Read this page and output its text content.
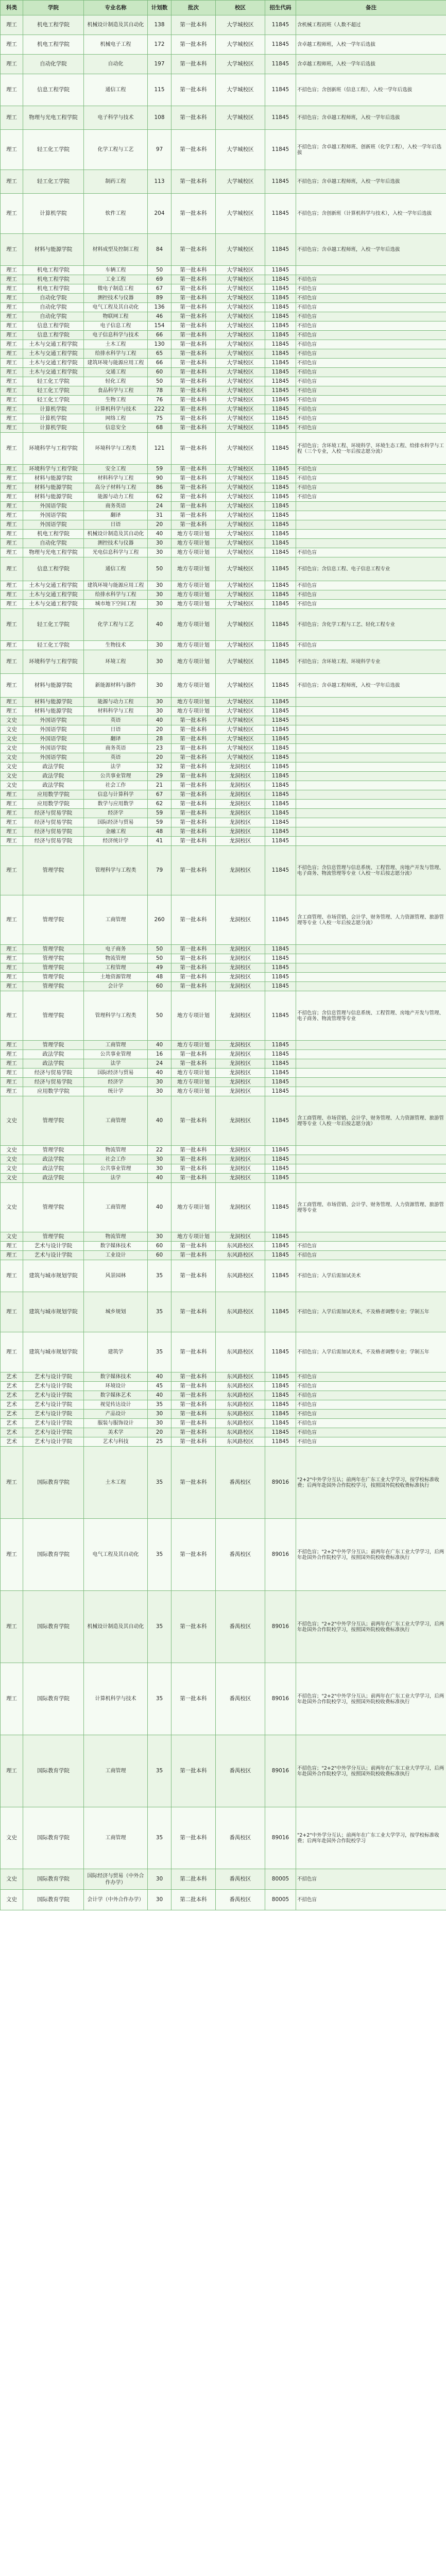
科类	学院	专业名称	计划数	批次	校区	招生代码	备注
理工	机电工程学院	机械设计制造及其自动化	138	第一批本科	大学城校区	11845	含机械工程初班（人数不超过
理工	机电工程学院	机械电子工程	172	第一批本科	大学城校区	11845	含卓越工程师班，入校一学年后选拔
理工	自动化学院	自动化	197	第一批本科	大学城校区	11845	含卓越工程师班，入校一学年后选拔
理工	信息工程学院	通信工程	115	第一批本科	大学城校区	11845	不招色盲；含创新班（信息工程），入校一学年后选拔
理工	物理与光电工程学院	电子科学与技术	108	第一批本科	大学城校区	11845	不招色盲；含卓越工程师班，入校一学年后选拔
理工	轻工化工学院	化学工程与工艺	97	第一批本科	大学城校区	11845	不招色盲；含卓越工程师班、创新班（化学工程），入校一学年后选拔
理工	轻工化工学院	制药工程	113	第一批本科	大学城校区	11845	不招色盲；含卓越工程师班，入校一学年后选拔
理工	计算机学院	软件工程	204	第一批本科	大学城校区	11845	不招色盲；含创新班（计算机科学与技术），入校一学年后选拔
理工	材料与能源学院	材料成型及控制工程	84	第一批本科	大学城校区	11845	不招色盲；含卓越工程师班，入校一学年后选拔
理工	机电工程学院	车辆工程	50	第一批本科	大学城校区	11845	
理工	机电工程学院	工业工程	69	第一批本科	大学城校区	11845	不招色盲
理工	机电工程学院	微电子制造工程	67	第一批本科	大学城校区	11845	不招色盲
理工	自动化学院	测控技术与仪器	89	第一批本科	大学城校区	11845	不招色盲
理工	自动化学院	电气工程及其自动化	136	第一批本科	大学城校区	11845	不招色盲
理工	自动化学院	物联网工程	46	第一批本科	大学城校区	11845	不招色盲
理工	信息工程学院	电子信息工程	154	第一批本科	大学城校区	11845	不招色盲
理工	信息工程学院	电子信息科学与技术	66	第一批本科	大学城校区	11845	不招色盲
理工	土木与交通工程学院	土木工程	130	第一批本科	大学城校区	11845	不招色盲
理工	土木与交通工程学院	给排水科学与工程	65	第一批本科	大学城校区	11845	不招色盲
理工	土木与交通工程学院	建筑环境与能源应用工程	66	第一批本科	大学城校区	11845	不招色盲
理工	土木与交通工程学院	交通工程	60	第一批本科	大学城校区	11845	不招色盲
理工	轻工化工学院	轻化工程	50	第一批本科	大学城校区	11845	不招色盲
理工	轻工化工学院	食品科学与工程	78	第一批本科	大学城校区	11845	不招色盲
理工	轻工化工学院	生物工程	76	第一批本科	大学城校区	11845	不招色盲
理工	计算机学院	计算机科学与技术	222	第一批本科	大学城校区	11845	不招色盲
理工	计算机学院	网络工程	75	第一批本科	大学城校区	11845	不招色盲
理工	计算机学院	信息安全	68	第一批本科	大学城校区	11845	不招色盲
理工	环境科学与工程学院	环境科学与工程类	121	第一批本科	大学城校区	11845	不招色盲；含环境工程、环境科学、环境生态工程、给排水科学与工程（三个专业，入校一年后按志愿分流）
理工	环境科学与工程学院	安全工程	59	第一批本科	大学城校区	11845	不招色盲
理工	材料与能源学院	材料科学与工程	90	第一批本科	大学城校区	11845	不招色盲
理工	材料与能源学院	高分子材料与工程	86	第一批本科	大学城校区	11845	不招色盲
理工	材料与能源学院	能源与动力工程	62	第一批本科	大学城校区	11845	不招色盲
理工	外国语学院	商务英语	24	第一批本科	大学城校区	11845	
理工	外国语学院	翻译	31	第一批本科	大学城校区	11845	
理工	外国语学院	日语	20	第一批本科	大学城校区	11845	
理工	机电工程学院	机械设计制造及其自动化	40	地方专项计划	大学城校区	11845	
理工	自动化学院	测控技术与仪器	30	地方专项计划	大学城校区	11845	
理工	物理与光电工程学院	光电信息科学与工程	30	地方专项计划	大学城校区	11845	不招色盲
理工	信息工程学院	通信工程	50	地方专项计划	大学城校区	11845	不招色盲；含信息工程、电子信息工程专业
理工	土木与交通工程学院	建筑环境与能源应用工程	30	地方专项计划	大学城校区	11845	不招色盲
理工	土木与交通工程学院	给排水科学与工程	30	地方专项计划	大学城校区	11845	不招色盲
理工	土木与交通工程学院	城市地下空间工程	30	地方专项计划	大学城校区	11845	不招色盲
理工	轻工化工学院	化学工程与工艺	40	地方专项计划	大学城校区	11845	不招色盲；含化学工程与工艺、轻化工程专业
理工	轻工化工学院	生物技术	30	地方专项计划	大学城校区	11845	不招色盲
理工	环境科学与工程学院	环境工程	30	地方专项计划	大学城校区	11845	不招色盲；含环境工程、环境科学专业
理工	材料与能源学院	新能源材料与器件	30	地方专项计划	大学城校区	11845	不招色盲；含卓越工程师班，入校一学年后选拔
理工	材料与能源学院	能源与动力工程	30	地方专项计划	大学城校区	11845	
理工	材料与能源学院	材料科学与工程	30	地方专项计划	大学城校区	11845	
文史	外国语学院	英语	40	第一批本科	大学城校区	11845	
文史	外国语学院	日语	20	第一批本科	大学城校区	11845	
文史	外国语学院	翻译	28	第一批本科	大学城校区	11845	
文史	外国语学院	商务英语	23	第一批本科	大学城校区	11845	
文史	外国语学院	英语	20	第一批本科	大学城校区	11845	
文史	政法学院	法学	32	第一批本科	龙洞校区	11845	
文史	政法学院	公共事业管理	29	第一批本科	龙洞校区	11845	
文史	政法学院	社会工作	21	第一批本科	龙洞校区	11845	
理工	应用数学学院	信息与计算科学	67	第一批本科	龙洞校区	11845	
理工	应用数学学院	数学与应用数学	62	第一批本科	龙洞校区	11845	
理工	经济与贸易学院	经济学	59	第一批本科	龙洞校区	11845	
理工	经济与贸易学院	国际经济与贸易	59	第一批本科	龙洞校区	11845	
理工	经济与贸易学院	金融工程	48	第一批本科	龙洞校区	11845	
理工	经济与贸易学院	经济统计学	41	第一批本科	龙洞校区	11845	
理工	管理学院	管理科学与工程类	79	第一批本科	龙洞校区	11845	不招色盲；含信息管理与信息系统、工程管理、房地产开发与管理、电子商务、物流管理等专业（入校一年后按志愿分流）
理工	管理学院	工商管理	260	第一批本科	龙洞校区	11845	含工商管理、市场营销、会计学、财务管理、人力资源管理、旅游管理等专业（入校一年后按志愿分流）
理工	管理学院	电子商务	50	第一批本科	龙洞校区	11845	
理工	管理学院	物流管理	50	第一批本科	龙洞校区	11845	
理工	管理学院	工程管理	49	第一批本科	龙洞校区	11845	
理工	管理学院	土地资源管理	48	第一批本科	龙洞校区	11845	
理工	管理学院	会计学	60	第一批本科	龙洞校区	11845	
理工	管理学院	管理科学与工程类	50	地方专项计划	龙洞校区	11845	不招色盲；含信息管理与信息系统、工程管理、房地产开发与管理、电子商务、物流管理等专业
理工	管理学院	工商管理	40	地方专项计划	龙洞校区	11845	
理工	政法学院	公共事业管理	16	第一批本科	龙洞校区	11845	
理工	政法学院	法学	24	第一批本科	龙洞校区	11845	
理工	经济与贸易学院	国际经济与贸易	40	地方专项计划	龙洞校区	11845	
理工	经济与贸易学院	经济学	30	地方专项计划	龙洞校区	11845	
理工	应用数学学院	统计学	30	地方专项计划	龙洞校区	11845	
文史	管理学院	工商管理	40	第一批本科	龙洞校区	11845	含工商管理、市场营销、会计学、财务管理、人力资源管理、旅游管理等专业（入校一年后按志愿分流）
文史	管理学院	物流管理	22	第一批本科	龙洞校区	11845	
文史	政法学院	社会工作	30	第一批本科	龙洞校区	11845	
文史	政法学院	公共事业管理	30	第一批本科	龙洞校区	11845	
文史	政法学院	法学	40	第一批本科	龙洞校区	11845	
文史	管理学院	工商管理	40	地方专项计划	龙洞校区	11845	含工商管理、市场营销、会计学、财务管理、人力资源管理、旅游管理等专业
文史	管理学院	物流管理	30	地方专项计划	龙洞校区	11845	
理工	艺术与设计学院	数字媒体技术	60	第一批本科	东风路校区	11845	不招色盲
理工	艺术与设计学院	工业设计	60	第一批本科	东风路校区	11845	不招色盲
理工	建筑与城市规划学院	风景园林	35	第一批本科	东风路校区	11845	不招色盲；入学后需加试美术
理工	建筑与城市规划学院	城乡规划	35	第一批本科	东风路校区	11845	不招色盲；入学后需加试美术，不及格者调整专业；学制五年
理工	建筑与城市规划学院	建筑学	35	第一批本科	东风路校区	11845	不招色盲；入学后需加试美术，不及格者调整专业；学制五年
艺术	艺术与设计学院	数字媒体技术	40	第一批本科	东风路校区	11845	不招色盲
艺术	艺术与设计学院	环境设计	45	第一批本科	东风路校区	11845	不招色盲
艺术	艺术与设计学院	数字媒体艺术	40	第一批本科	东风路校区	11845	不招色盲
艺术	艺术与设计学院	视觉传达设计	35	第一批本科	东风路校区	11845	不招色盲
艺术	艺术与设计学院	产品设计	30	第一批本科	东风路校区	11845	不招色盲
艺术	艺术与设计学院	服装与服饰设计	30	第一批本科	东风路校区	11845	不招色盲
艺术	艺术与设计学院	美术学	20	第一批本科	东风路校区	11845	不招色盲
艺术	艺术与设计学院	艺术与科技	25	第一批本科	东风路校区	11845	不招色盲
理工	国际教育学院	土木工程	35	第一批本科	番禺校区	89016	"2+2"中外学分互认；前两年在广东工业大学学习，按学校标准收费；后两年赴国外合作院校学习，按照国外院校收费标准执行
理工	国际教育学院	电气工程及其自动化	35	第一批本科	番禺校区	89016	不招色盲；"2+2"中外学分互认；前两年在广东工业大学学习，后两年赴国外合作院校学习，按照国外院校收费标准执行
理工	国际教育学院	机械设计制造及其自动化	35	第一批本科	番禺校区	89016	不招色盲；"2+2"中外学分互认；前两年在广东工业大学学习，后两年赴国外合作院校学习，按照国外院校收费标准执行
理工	国际教育学院	计算机科学与技术	35	第一批本科	番禺校区	89016	不招色盲；"2+2"中外学分互认；前两年在广东工业大学学习，后两年赴国外合作院校学习，按照国外院校收费标准执行
理工	国际教育学院	工商管理	35	第一批本科	番禺校区	89016	不招色盲；"2+2"中外学分互认；前两年在广东工业大学学习，后两年赴国外合作院校学习，按照国外院校收费标准执行
文史	国际教育学院	工商管理	35	第一批本科	番禺校区	89016	"2+2"中外学分互认；前两年在广东工业大学学习，按学校标准收费；后两年赴国外合作院校学习
文史	国际教育学院	国际经济与贸易（中外合作办学）	30	第二批本科	番禺校区	80005	不招色盲
文史	国际教育学院	会计学（中外合作办学）	30	第二批本科	番禺校区	80005	不招色盲
